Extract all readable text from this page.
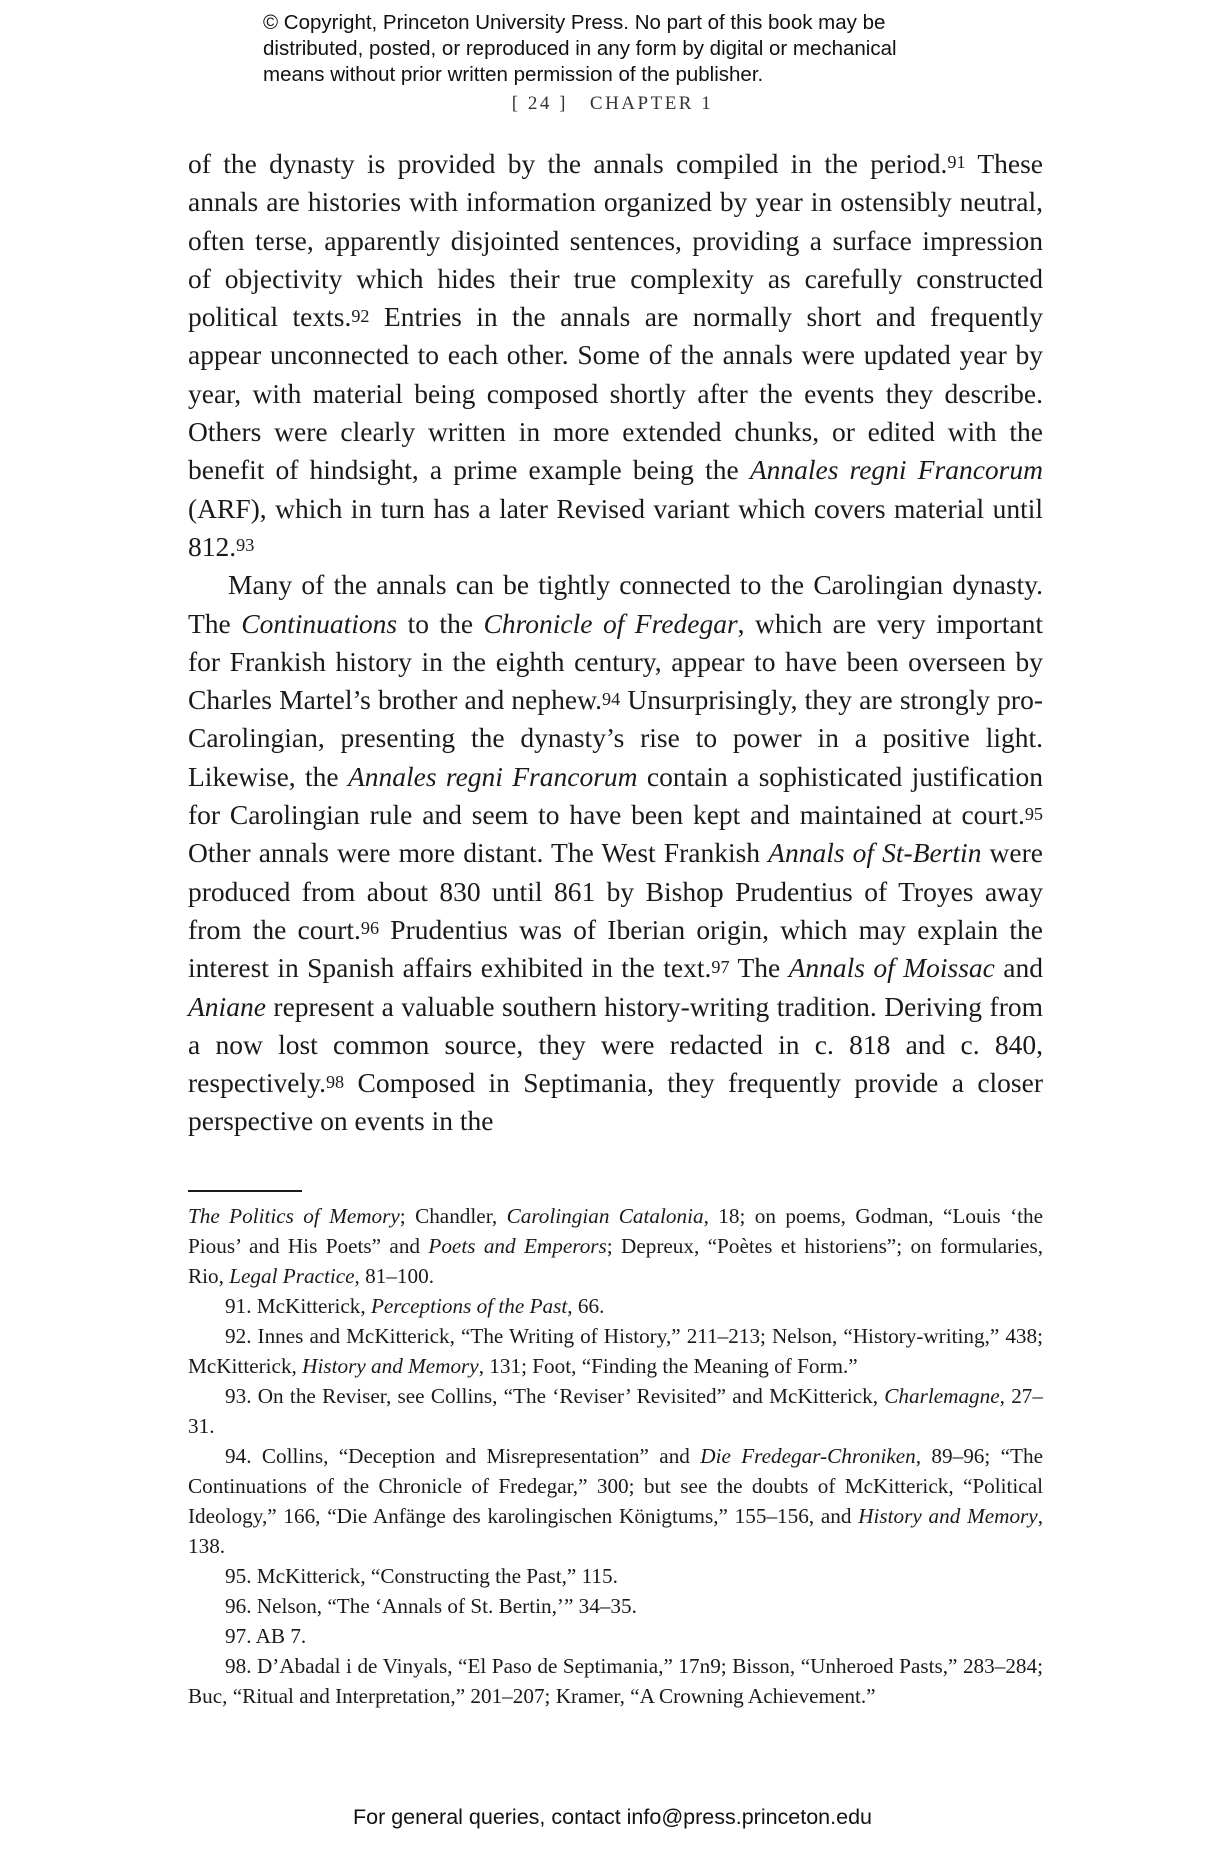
© Copyright, Princeton University Press. No part of this book may be
distributed, posted, or reproduced in any form by digital or mechanical
means without prior written permission of the publisher.
[ 24 ] CHAPTER 1

of the dynasty is provided by the annals compiled in the period.$^{91}$ These annals are histories with information organized by year in ostensibly neutral, often terse, apparently disjointed sentences, providing a surface impression of objectivity which hides their true complexity as carefully constructed political texts.$^{92}$ Entries in the annals are normally short and frequently appear unconnected to each other. Some of the annals were updated year by year, with material being composed shortly after the events they describe. Others were clearly written in more extended chunks, or edited with the benefit of hindsight, a prime example being the Annales regni Francorum (ARF), which in turn has a later Revised variant which covers material until 812.93

Many of the annals can be tightly connected to the Carolingian dynasty. The Continuations to the Chronicle of Fredegar, which are very important for Frankish history in the eighth century, appear to have been overseen by Charles Martel’s brother and nephew.$^{94}$ Unsurprisingly, they are strongly pro-Carolingian, presenting the dynasty’s rise to power in a positive light. Likewise, the Annales regni Francorum contain a sophisticated justification for Carolingian rule and seem to have been kept and maintained at court.$^{95}$ Other annals were more distant. The West Frankish Annals of St-Bertin were produced from about 830 until 861 by Bishop Prudentius of Troyes away from the court.$^{96}$ Prudentius was of Iberian origin, which may explain the interest in Spanish affairs exhibited in the text.$^{97}$ The Annals of Moissac and Aniane represent a valuable southern history-writing tradition. Deriving from a now lost common source, they were redacted in c. 818 and c. 840, respectively.$^{98}$ Composed in Septimania, they frequently provide a closer perspective on events in the

The Politics of Memory; Chandler, Carolingian Catalonia, 18; on poems, Godman, “Louis ‘the Pious’ and His Poets” and Poets and Emperors; Depreux, “Poètes et historiens”; on formularies, Rio, Legal Practice, 81–100.

91. McKitterick, Perceptions of the Past, 66.

92. Innes and McKitterick, “The Writing of History,” 211–213; Nelson, “History-writing,” 438; McKitterick, History and Memory, 131; Foot, “Finding the Meaning of Form.”

93. On the Reviser, see Collins, “The ‘Reviser’ Revisited” and McKitterick, Charlemagne, 27–31.

94. Collins, “Deception and Misrepresentation” and Die Fredegar-Chroniken, 89–96; “The Continuations of the Chronicle of Fredegar,” 300; but see the doubts of McKitterick, “Political Ideology,” 166, “Die Anfänge des karolingischen Königtums,” 155–156, and History and Memory, 138.

95. McKitterick, “Constructing the Past,” 115.

96. Nelson, “The ‘Annals of St. Bertin,’” 34–35.

97. AB 7.

98. D’Abadal i de Vinyals, “El Paso de Septimania,” 17n9; Bisson, “Unheroed Pasts,” 283–284; Buc, “Ritual and Interpretation,” 201–207; Kramer, “A Crowning Achievement.”

For general queries, contact info@press.princeton.edu
